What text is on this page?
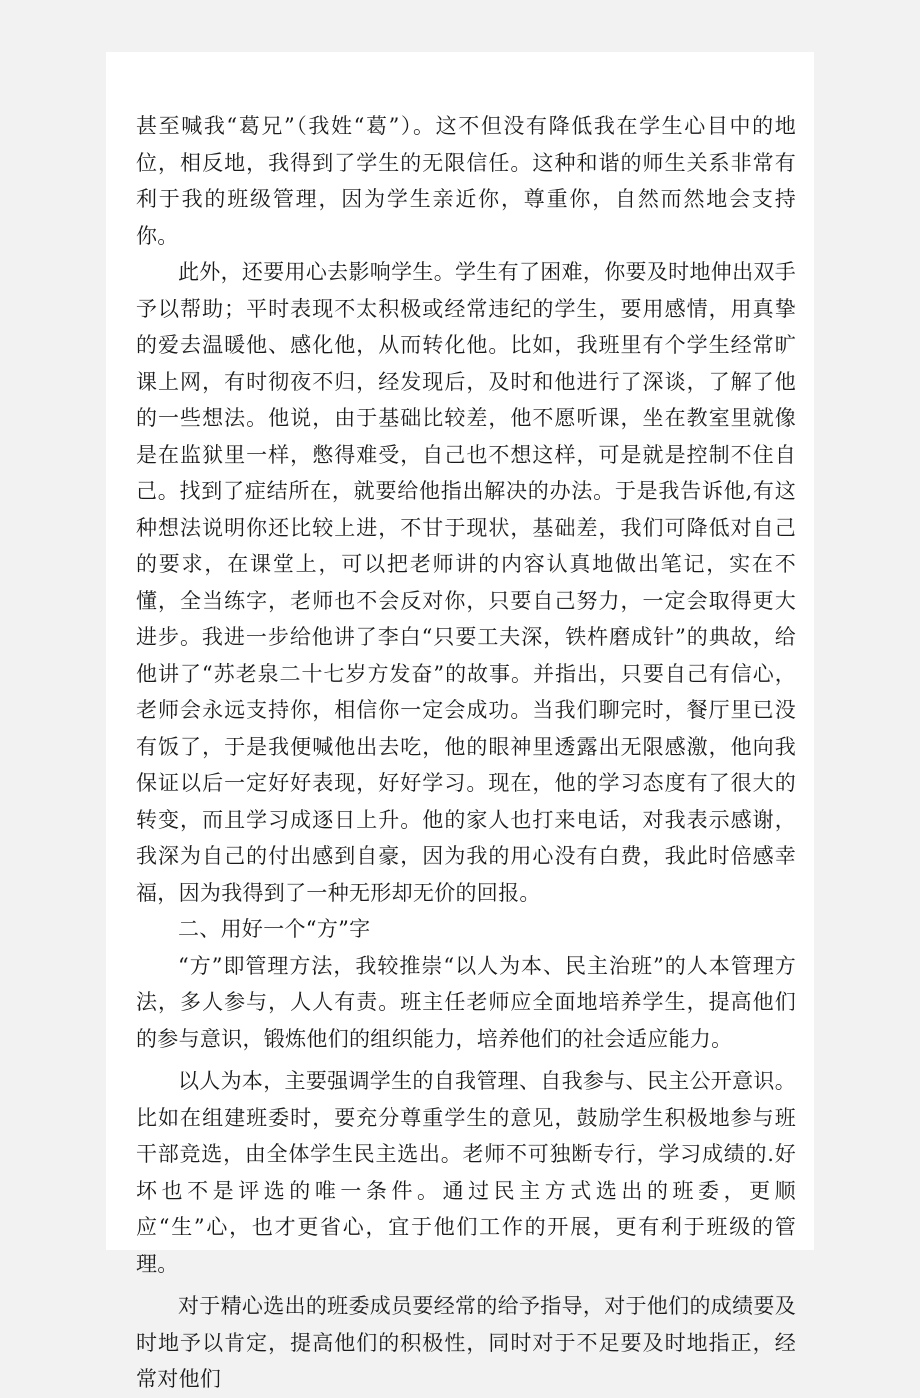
甚至喊我“葛兄”（我姓“葛”）。这不但没有降低我在学生心目中的地位，相反地，我得到了学生的无限信任。这种和谐的师生关系非常有利于我的班级管理，因为学生亲近你，尊重你，自然而然地会支持你。

此外，还要用心去影响学生。学生有了困难，你要及时地伸出双手予以帮助；平时表现不太积极或经常违纪的学生，要用感情，用真挚的爱去温暖他、感化他，从而转化他。比如，我班里有个学生经常旷课上网，有时彻夜不归，经发现后，及时和他进行了深谈，了解了他的一些想法。他说，由于基础比较差，他不愿听课，坐在教室里就像是在监狱里一样，憋得难受，自己也不想这样，可是就是控制不住自己。找到了症结所在，就要给他指出解决的办法。于是我告诉他,有这种想法说明你还比较上进，不甘于现状，基础差，我们可降低对自己的要求，在课堂上，可以把老师讲的内容认真地做出笔记，实在不懂，全当练字，老师也不会反对你，只要自己努力，一定会取得更大进步。我进一步给他讲了李白“只要工夫深，铁杵磨成针”的典故，给他讲了“苏老泉二十七岁方发奋”的故事。并指出，只要自己有信心，老师会永远支持你，相信你一定会成功。当我们聊完时，餐厅里已没有饭了，于是我便喊他出去吃，他的眼神里透露出无限感激，他向我保证以后一定好好表现，好好学习。现在，他的学习态度有了很大的转变，而且学习成逐日上升。他的家人也打来电话，对我表示感谢，我深为自己的付出感到自豪，因为我的用心没有白费，我此时倍感幸福，因为我得到了一种无形却无价的回报。

二、用好一个“方”字

“方”即管理方法，我较推崇“以人为本、民主治班”的人本管理方法，多人参与，人人有责。班主任老师应全面地培养学生，提高他们的参与意识，锻炼他们的组织能力，培养他们的社会适应能力。

以人为本，主要强调学生的自我管理、自我参与、民主公开意识。比如在组建班委时，要充分尊重学生的意见，鼓励学生积极地参与班干部竞选，由全体学生民主选出。老师不可独断专行，学习成绩的.好坏也不是评选的唯一条件。通过民主方式选出的班委，更顺应“生”心，也才更省心，宜于他们工作的开展，更有利于班级的管理。

对于精心选出的班委成员要经常的给予指导，对于他们的成绩要及时地予以肯定，提高他们的积极性，同时对于不足要及时地指正，经常对他们
